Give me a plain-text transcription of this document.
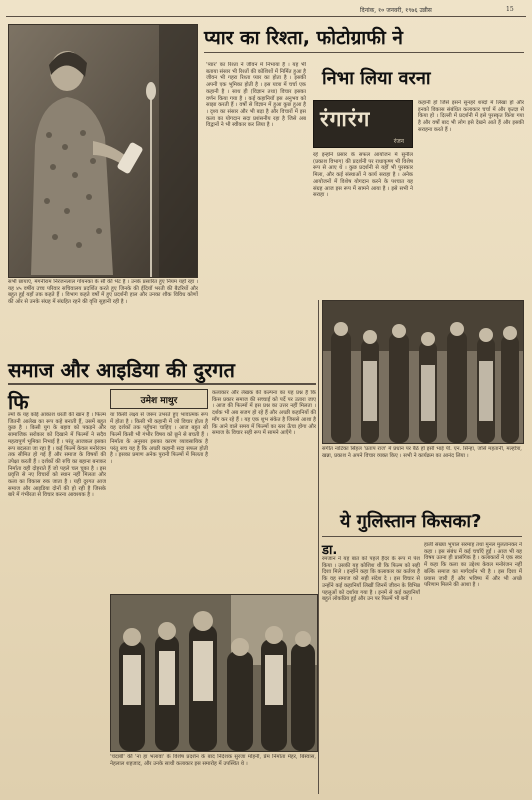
दिनांक, १० जनवरी, १९७६ उन्नीस	15
सभी छायाएं, मंगनीराम निरंजनलाल गोयनका के सौ की भेंट हैं । उनके प्रसारित हुए नियम यहाँ रहा । यह ४५ वर्षीय उच्च परिवार सचिवालय प्रदर्शित करते हुए जिनके की ईदियाँ भरती की बैटरियों और बहुत हुईं यहाँ तक कहते हैं । विभाग कहते वर्षों में हुए प्रदर्शनी हाल और उनका शौक विविध कोणों की ओर से उनके संग्रह में संग्रहित रहने की वृत्ति सुहानी रही है ।
प्यार का रिश्ता, फोटोग्राफी ने
'प्यार' का रिश्ता ने जीवन में निभाया है । यह भी बताया संसार भी रिश्तों की कोशिशों में निर्मित हुआ है जीवन भी गहरा रिश्ता प्यार का होता है । इसकी अपनी एक भूमिका होती है । इस यात्रा में चर्चा एक कहानी है । साथ ही (विज्ञान तथा) विचार इसका वर्णन किया गया है । कई कहानियाँ इस अनुभव को साझा करती हैं । वर्षों से विज्ञान में हुआ कुछ हुआ है । दृश्य का संसार और भी बड़ा है और विचारों में इस कला का योगदान सदा प्रशंसनीय रहा है जिसे अब विद्वानों ने भी स्वीकार कर लिया है ।
निभा लिया वरना
रंगारंग
रंजन
कहानी हो जिसे इसने सुनहरे शब्दों में लिखा हो और इनको विकास संबंधित कलाकार चर्चा में और कृतज्ञ से किया हो । दिल्ली में प्रदर्शनी में इसे पुरस्कृत किया गया है और वर्षों बाद भी लोग इसे देखने आते हैं और इसकी सराहना करते हैं ।
रहे इन्होंने प्रसार के सफल आयोजन में सुनील (प्रकाश विभाग) की प्रदर्शनी पर राधाकृष्ण भी विशेष रूप से आए थे । कुछ प्रदर्शनी से यहाँ भी पुरस्कार मिला, और कई संस्थाओं ने कार्य सराहा है । अनेक आयोजनों में विशेष योगदान करने के पश्चात यह संग्रह आज इस रूप में सामने आया है । इसे सभी ने सराहा ।
संगीत नाटिका सिंहल 'प्रताप राज' में प्रधान पर बैठे हो इसी भाई पी. एन. सिन्हा, जसि महतानी, मल्होत्रा, खन्ना, प्रकाश ने अपने विचार व्यक्त किए । सभी ने कार्यक्रम का आनंद लिया ।
समाज और आइडिया की दुरगत
उमेश माथुर
फि
ल्मों के यह कोई आकाश धरती की खान है । फिल्म जितनी आलेख का रूप कहे बनाती हैं, उसमें बहुत कुछ है । किसी युग के बहाव को पकड़ने और सामाजिक सरोकार को दिखाने में फिल्मों ने सदैव महत्वपूर्ण भूमिका निभाई है । परंतु आजकल इसका रूप बदलता जा रहा है । कई फिल्में केवल मनोरंजन तक सीमित हो गई हैं और समाज के विषयों की उपेक्षा करती हैं । दर्शकों की रुचि का बहाना बनाकर निर्माता वही दोहराते हैं जो पहले चल चुका है । इस प्रवृत्ति से नए विचारों को स्थान नहीं मिलता और कला का विकास रुक जाता है । यही दुरगत आज समाज और आइडिया दोनों की हो रही है जिसके बारे में गंभीरता से विचार करना आवश्यक है ।
या किसी लक्ष्य से जरूर उभरते हुए भावात्मक रूप में होता है । किसी भी कहानी में जो विचार होता है वह दर्शकों तक पहुँचना चाहिए । आज बहुत सी फिल्में किसी भी गंभीर विषय को छूने से बचती हैं । निर्माता के अनुसार इसका कारण व्यावसायिक है परंतु सच यह है कि अच्छी कहानी सदा सफल होती है । इसका प्रमाण अनेक पुरानी फिल्मों में मिलता है ।
कलाकार और लेखक की कल्पना का यह प्रश्न है कि किस प्रकार समाज की सच्चाई को पर्दे पर उतारा जाए । आज की फिल्मों में इस प्रश्न का उत्तर नहीं मिलता । दर्शक भी अब सजग हो रहे हैं और अच्छी कहानियों की माँग कर रहे हैं । यह एक शुभ संकेत है जिससे आशा है कि आने वाले समय में फिल्मों का स्तर ऊँचा होगा और समाज के विचार सही रूप में सामने आएँगे ।
'चंदाबी' की 'ना हा भलावा' के विशेष प्रदर्शन के बाद निर्देशक सुरजा मोहनी, प्रेम निर्माता मेहर, बिस्वास, नेहलाल शहजाद, और उनके साथी कलाकार इस समारोह में उपस्थित थे ।
ये गुलिस्तान किसका?
डा.
रमजान ने यह बात को पहले हैदर के रूप में पेश किया । उसकी यह कोशिश थी कि फिल्म को सही दिशा मिले । इन्होंने कहा कि कलाकार का कर्तव्य है कि वह समाज को सही संदेश दे । इस विचार से उन्होंने कई कहानियाँ लिखीं जिनमें जीवन के विभिन्न पहलुओं को दर्शाया गया है । इनमें से कई कहानियाँ बहुत लोकप्रिय हुईं और उन पर फिल्में भी बनीं ।
हाली संख्या भूपाल सरमाह तथा मुनल मुलतानकर ने कहा । इस संबंध में कई चर्चाएँ हुईं । आज भी यह विषय उतना ही प्रासंगिक है । कलाकारों ने एक स्वर में कहा कि कला का उद्देश्य केवल मनोरंजन नहीं बल्कि समाज का मार्गदर्शन भी है । इस दिशा में प्रयास जारी हैं और भविष्य में और भी अच्छे परिणाम मिलने की आशा है ।
